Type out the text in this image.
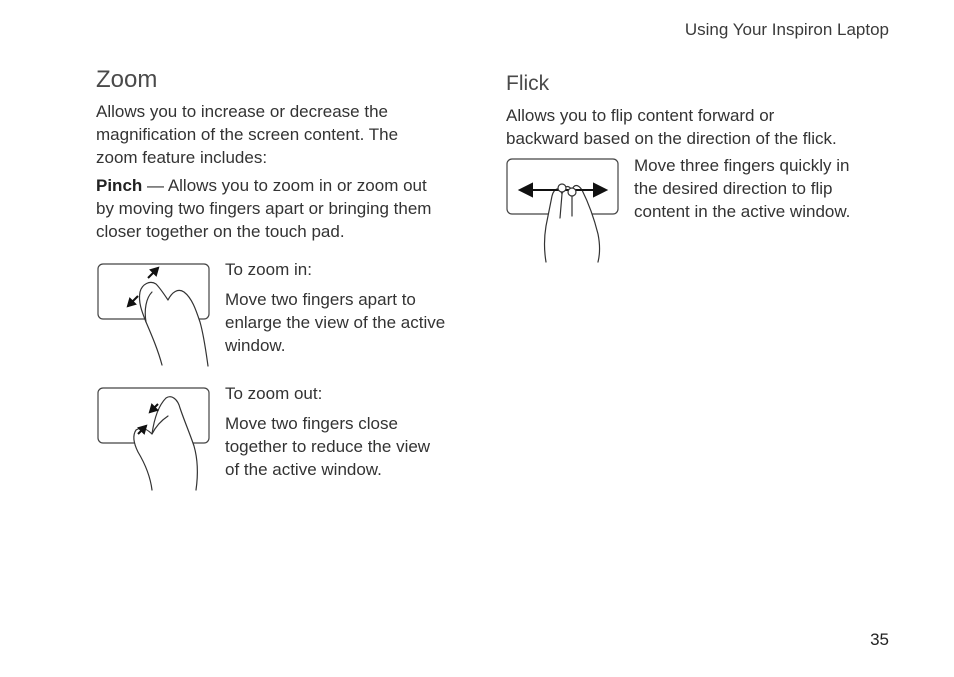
Using Your Inspiron Laptop
Zoom

Allows you to increase or decrease the

magnification of the screen content. The

zoom feature includes:

Pinch — Allows you to zoom in or zoom out

by moving two fingers apart or bringing them

closer together on the touch pad.

To zoom in:

Move two fingers apart to

enlarge the view of the active

window.

To zoom out:

Move two fingers close

together to reduce the view

of the active window.

Flick

Allows you to flip content forward or

backward based on the direction of the flick.

Move three fingers quickly in

the desired direction to flip

content in the active window.

35
